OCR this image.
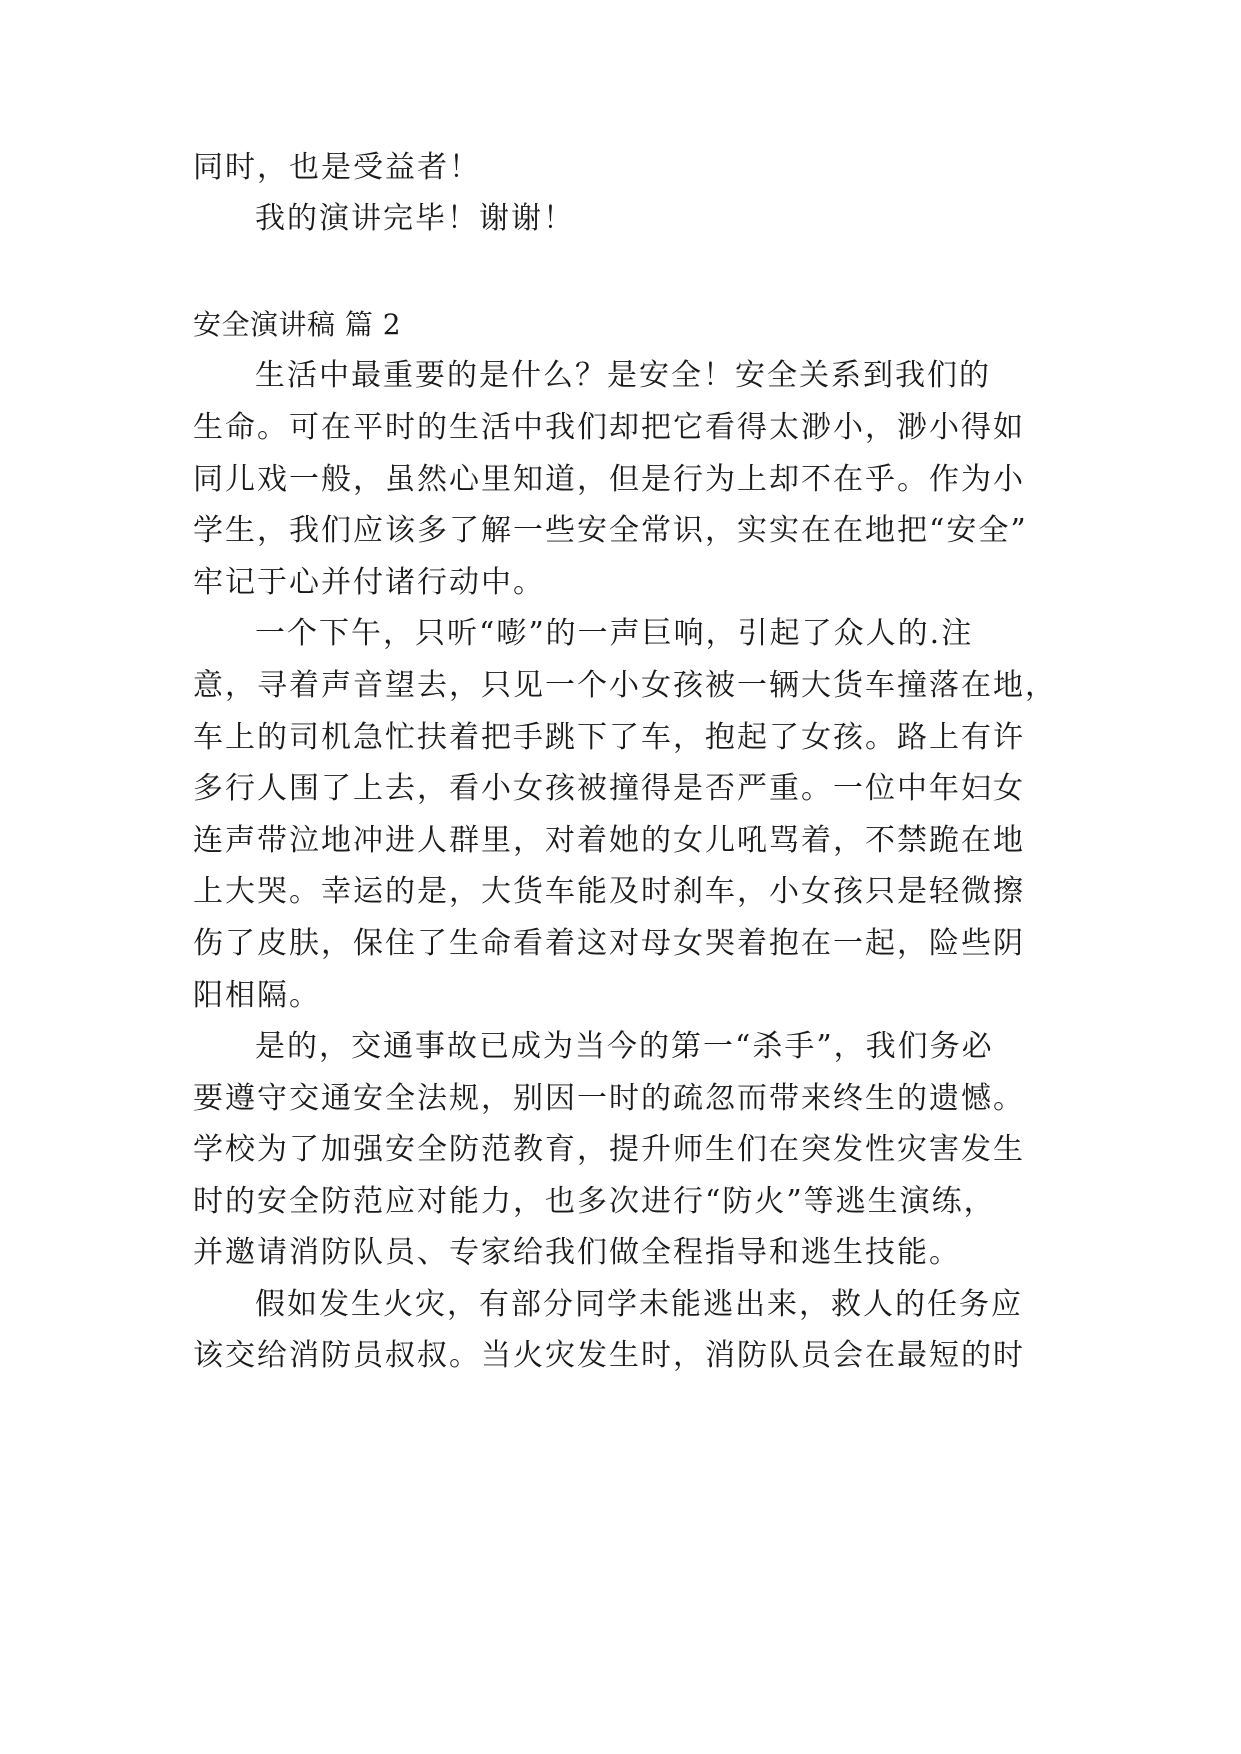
同时，也是受益者！
我的演讲完毕！谢谢！
安全演讲稿 篇 2
生活中最重要的是什么？是安全！安全关系到我们的
生命。可在平时的生活中我们却把它看得太渺小，渺小得如
同儿戏一般，虽然心里知道，但是行为上却不在乎。作为小
学生，我们应该多了解一些安全常识，实实在在地把“安全”
牢记于心并付诸行动中。
一个下午，只听“嘭”的一声巨响，引起了众人的.注
意，寻着声音望去，只见一个小女孩被一辆大货车撞落在地，
车上的司机急忙扶着把手跳下了车，抱起了女孩。路上有许
多行人围了上去，看小女孩被撞得是否严重。一位中年妇女
连声带泣地冲进人群里，对着她的女儿吼骂着，不禁跪在地
上大哭。幸运的是，大货车能及时刹车，小女孩只是轻微擦
伤了皮肤，保住了生命看着这对母女哭着抱在一起，险些阴
阳相隔。
是的，交通事故已成为当今的第一“杀手”，我们务必
要遵守交通安全法规，别因一时的疏忽而带来终生的遗憾。
学校为了加强安全防范教育，提升师生们在突发性灾害发生
时的安全防范应对能力，也多次进行“防火”等逃生演练，
并邀请消防队员、专家给我们做全程指导和逃生技能。
假如发生火灾，有部分同学未能逃出来，救人的任务应
该交给消防员叔叔。当火灾发生时，消防队员会在最短的时
